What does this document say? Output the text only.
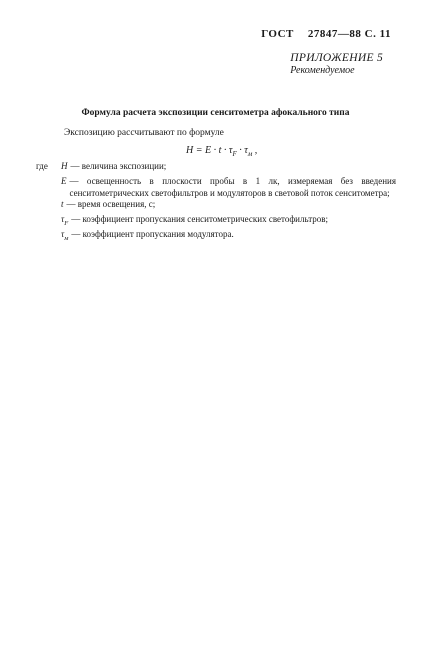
ГОСТ 27847—88 С. 11
ПРИЛОЖЕНИЕ 5
Рекомендуемое
Формула расчета экспозиции сенситометра афокального типа
Экспозицию рассчитывают по формуле
$H = E \cdot t \cdot \tau_F \cdot \tau_м$ ,
где	H — величина экспозиции;
E — освещенность в плоскости пробы в 1 лк, измеряемая без введения сенситометрических светофильтров и модуляторов в световой поток сенситометра;
t — время освещения, с;
$\tau_F$ — коэффициент пропускания сенситометрических светофильтров;
$\tau_м$ — коэффициент пропускания модулятора.
